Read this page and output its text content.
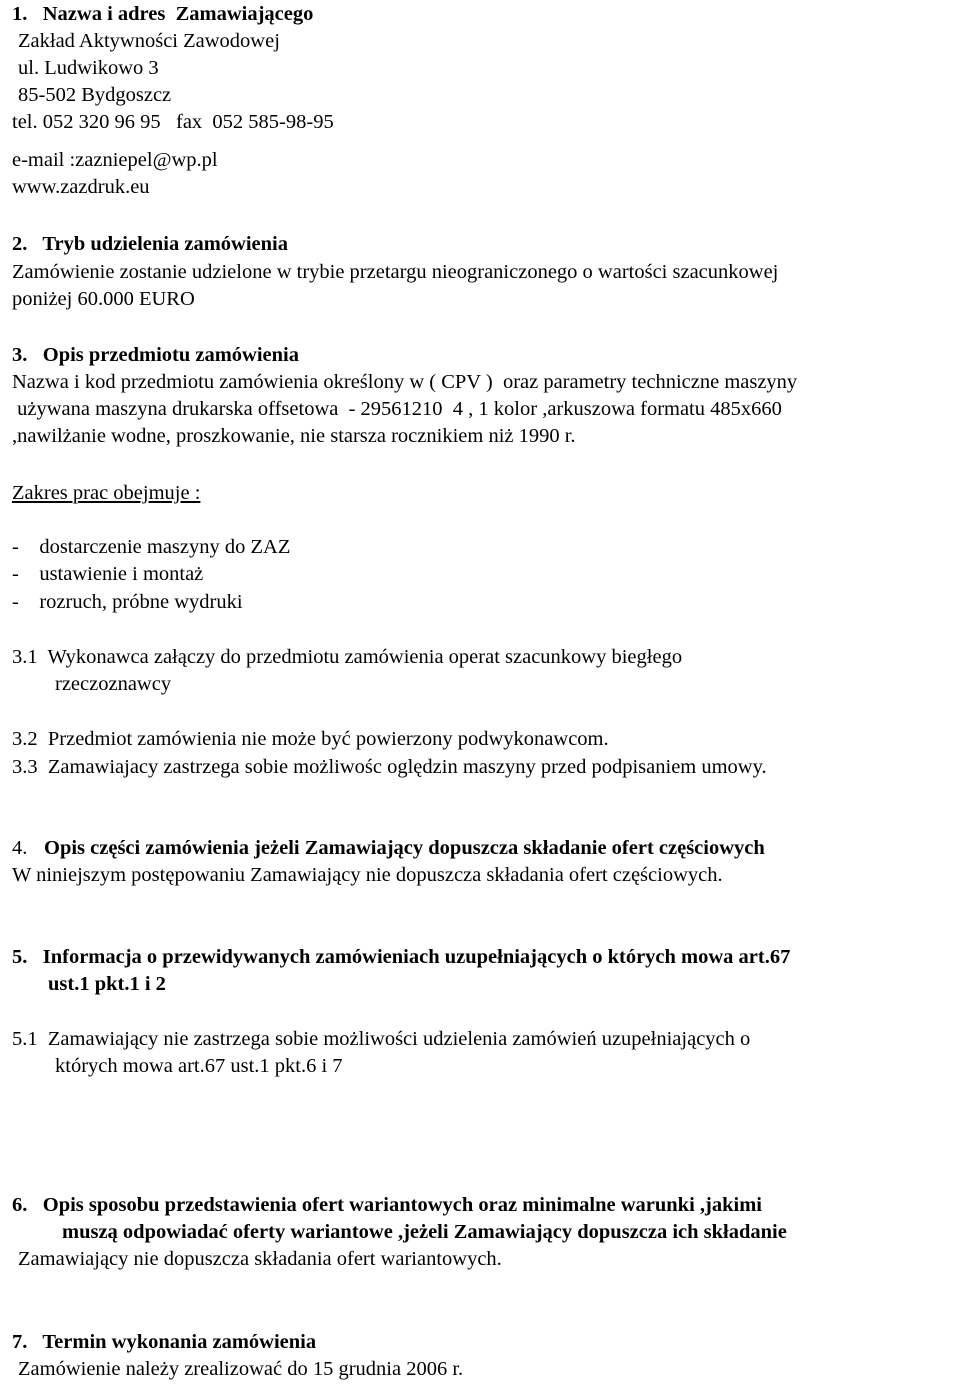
1.   Nazwa i adres  Zamawiającego
Zakład Aktywności Zawodowej
ul. Ludwikowo 3
85-502 Bydgoszcz
tel. 052 320 96 95   fax  052 585-98-95
e-mail :zazniepel@wp.pl
www.zazdruk.eu
2.   Tryb udzielenia zamówienia
Zamówienie zostanie udzielone w trybie przetargu nieograniczonego o wartości szacunkowej
poniżej 60.000 EURO
3.   Opis przedmiotu zamówienia
Nazwa i kod przedmiotu zamówienia określony w ( CPV )  oraz parametry techniczne maszyny
używana maszyna drukarska offsetowa  - 29561210  4 , 1 kolor ,arkuszowa formatu 485x660
,nawilżanie wodne, proszkowanie, nie starsza rocznikiem niż 1990 r.
Zakres prac obejmuje :
-    dostarczenie maszyny do ZAZ
-    ustawienie i montaż
-    rozruch, próbne wydruki
3.1  Wykonawca załączy do przedmiotu zamówienia operat szacunkowy biegłego
rzeczoznawcy
3.2  Przedmiot zamówienia nie może być powierzony podwykonawcom.
3.3  Zamawiajacy zastrzega sobie możliwośc oględzin maszyny przed podpisaniem umowy.
4. Opis części zamówienia jeżeli Zamawiający dopuszcza składanie ofert częściowych
W niniejszym postępowaniu Zamawiający nie dopuszcza składania ofert częściowych.
5.   Informacja o przewidywanych zamówieniach uzupełniających o których mowa art.67
ust.1 pkt.1 i 2
5.1  Zamawiający nie zastrzega sobie możliwości udzielenia zamówień uzupełniających o
których mowa art.67 ust.1 pkt.6 i 7
6.   Opis sposobu przedstawienia ofert wariantowych oraz minimalne warunki ,jakimi
muszą odpowiadać oferty wariantowe ,jeżeli Zamawiający dopuszcza ich składanie
Zamawiający nie dopuszcza składania ofert wariantowych.
7.   Termin wykonania zamówienia
Zamówienie należy zrealizować do 15 grudnia 2006 r.
